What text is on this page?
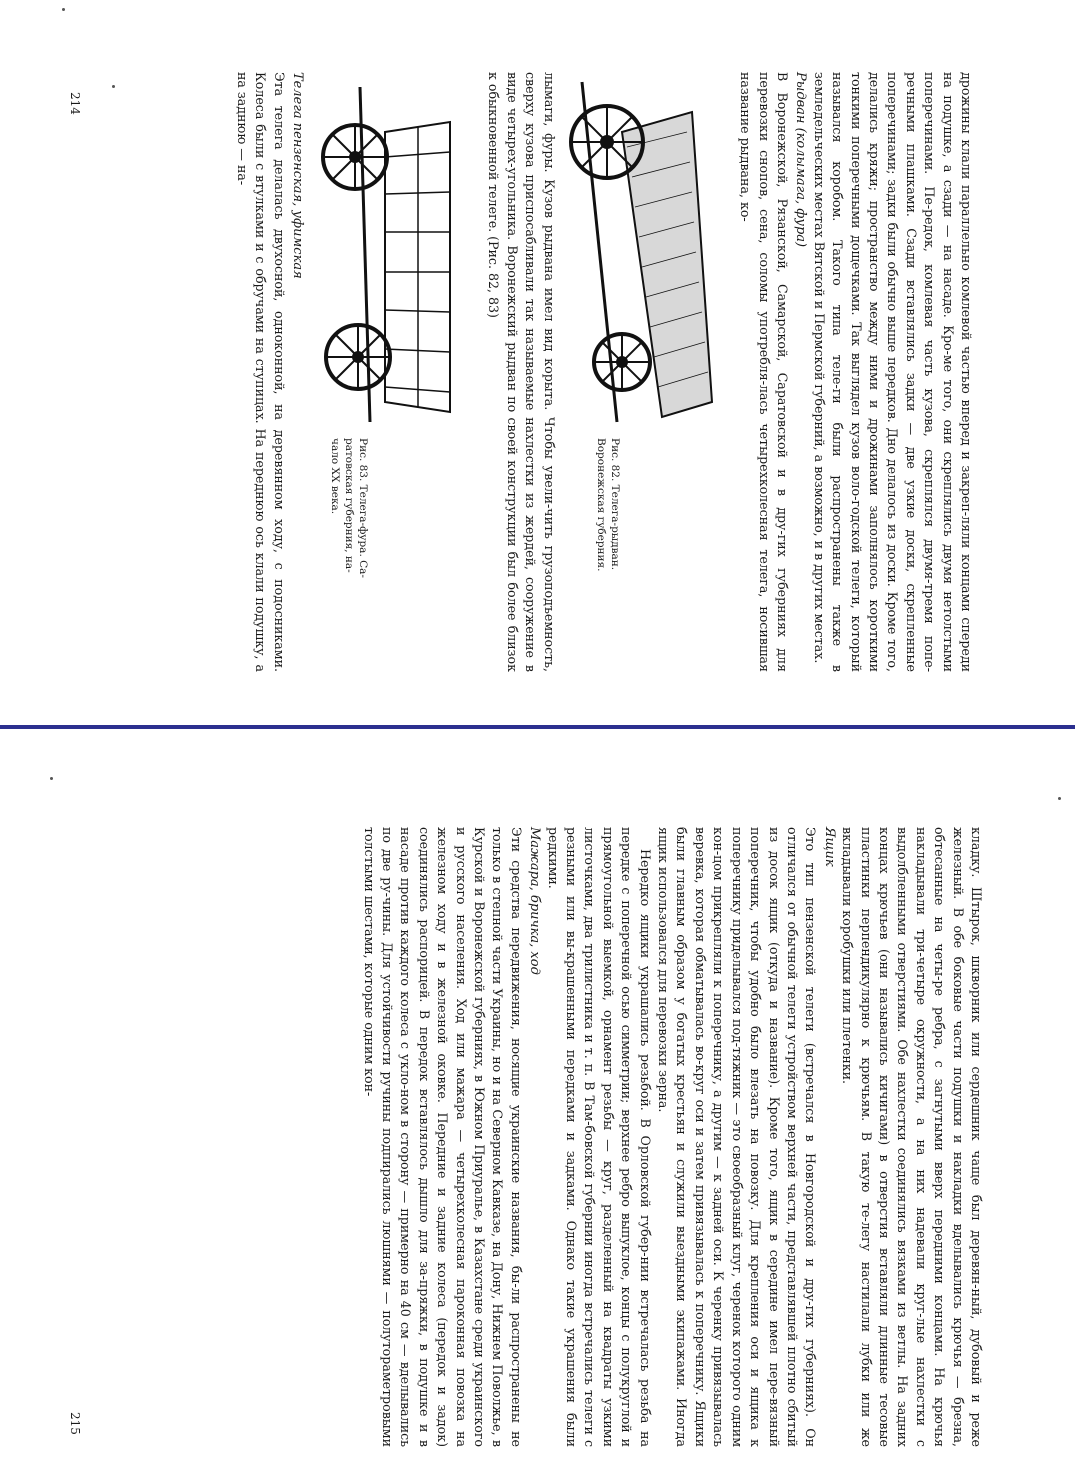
дрожины клали параллельно комлевой частью вперед и закреп-ляли концами спереди на подушке, а сзади — на насаде. Кро-ме того, они скреплялись двумя нетолстыми поперечинами. Пе-редок, комлевая часть кузова, скреплялся двумя-тремя попе-речными плашками. Сзади вставлялись задки — две узкие доски, скрепленные поперечинами; задки были обычно выше передков. Дно делалось из доски. Кроме того, делались кряжи; пространство между ними и дрожинами заполнялось короткими тонкими поперечными дощечками. Так выглядел кузов воло-годской телеги, который назывался коробом. Такого типа теле-ги были распространены также в земледельческих местах Вятской и Пермской губерний, а возможно, и в других местах.

Рыдван (колымага, фура)

В Воронежской, Рязанской, Самарской, Саратовской и в дру-гих губерниях для перевозки снопов, сена, соломы употребля-лась четырехколесная телега, носившая название рыдвана, ко-

Рис. 82. Телега-рыдван. Воронежская губерния.

лымаги, фуры. Кузов рыдвана имел вид корыта. Чтобы увели-чить грузоподъемность, сверху кузова приспосабливали так называемые нахлестки из жердей, сооружение в виде четырех-угольника. Воронежский рыдван по своей конструкции был более близок к обыкновенной телеге. (Рис. 82, 83)

Рис. 83. Телега-фура. Са-ратовская губерния, на-чало XX века.

Телега пензенская, уфимская

Эта телега делалась двухосной, одноконной, на деревянном ходу, с подосниками. Колеса были с втулками и с обручами на ступицах. На переднюю ось клали подушку, а на заднюю — на-

214

кладку. Штырок, шкворник или сердешник чаще был деревян-ный, дубовый и реже железный. В обе боковые части подушки и накладки вделывались крючья — брезна, обтесанные на четы-ре ребра, с загнутыми вверх передними концами. На крючья накладывали три-четыре окружности, а на них надевали круг-лые нахлестки с выдолбленными отверстиями. Обе нахлестки соединялись вязками из ветлы. На задних концах крючьев (они назывались кичигами) в отверстия вставляли длинные тесовые пластинки перпендикулярно к крючьям. В такую те-легу настилали лубки или же вкладывали коробушки или плетенки.

Ящик

Это тип пензенской телеги (встречался в Новгородской и дру-гих губерниях). Он отличался от обычной телеги устройством верхней части, представлявшей плотно сбитый из досок ящик (откуда и название). Кроме того, ящик в середине имел пере-вязный поперечник, чтобы удобно было влезать на повозку. Для крепления оси и ящика к поперечнику приделывался под-тяжник — это своеобразный клуг, черенок которого одним кон-цом прикрепляли к поперечнику, а другим — к задней оси. К черенку привязывалась веревка, которая обматывалась во-круг оси и затем привязывалась к поперечнику. Ящики были главным образом у богатых крестьян и служили выездными экипажами. Иногда ящик использовался для перевозки зерна.

Нередко ящики украшались резьбой. В Орловской губер-нии встречалась резьба на передке с поперечной осью симметрии; верхнее ребро выпуклое, концы с полукруглой и прямоугольной выемкой, орнамент резьбы — круг, разделенный на квадраты узкими листочками, два трилистника и т. п. В Там-бовской губернии иногда встречались телеги с резными или вы-крашенными передками и задками. Однако такие украшения были редкими.

Мажара, бричка, ход

Эти средства передвижения, носящие украинские названия, бы-ли распространены не только в степной части Украины, но и на Северном Кавказе, на Дону, Нижнем Поволжье, в Курской и Воронежской губерниях, в Южном Приуралье, в Казахстане среди украинского и русского населения. Ход или мажара — четырехколесная пароконная повозка на железном ходу и в железной оковке. Передние и задние колеса (передок и задок) соединялись распорицей. В передок вставлялось дышло для за-пряжки, в подушке и в насаде против каждого колеса с укло-ном в сторону — примерно на 40 см — вделывались по две ру-чины. Для устойчивости ручины подпирались люшнями — полутораметровыми толстыми шестами, которые одним кон-

215
